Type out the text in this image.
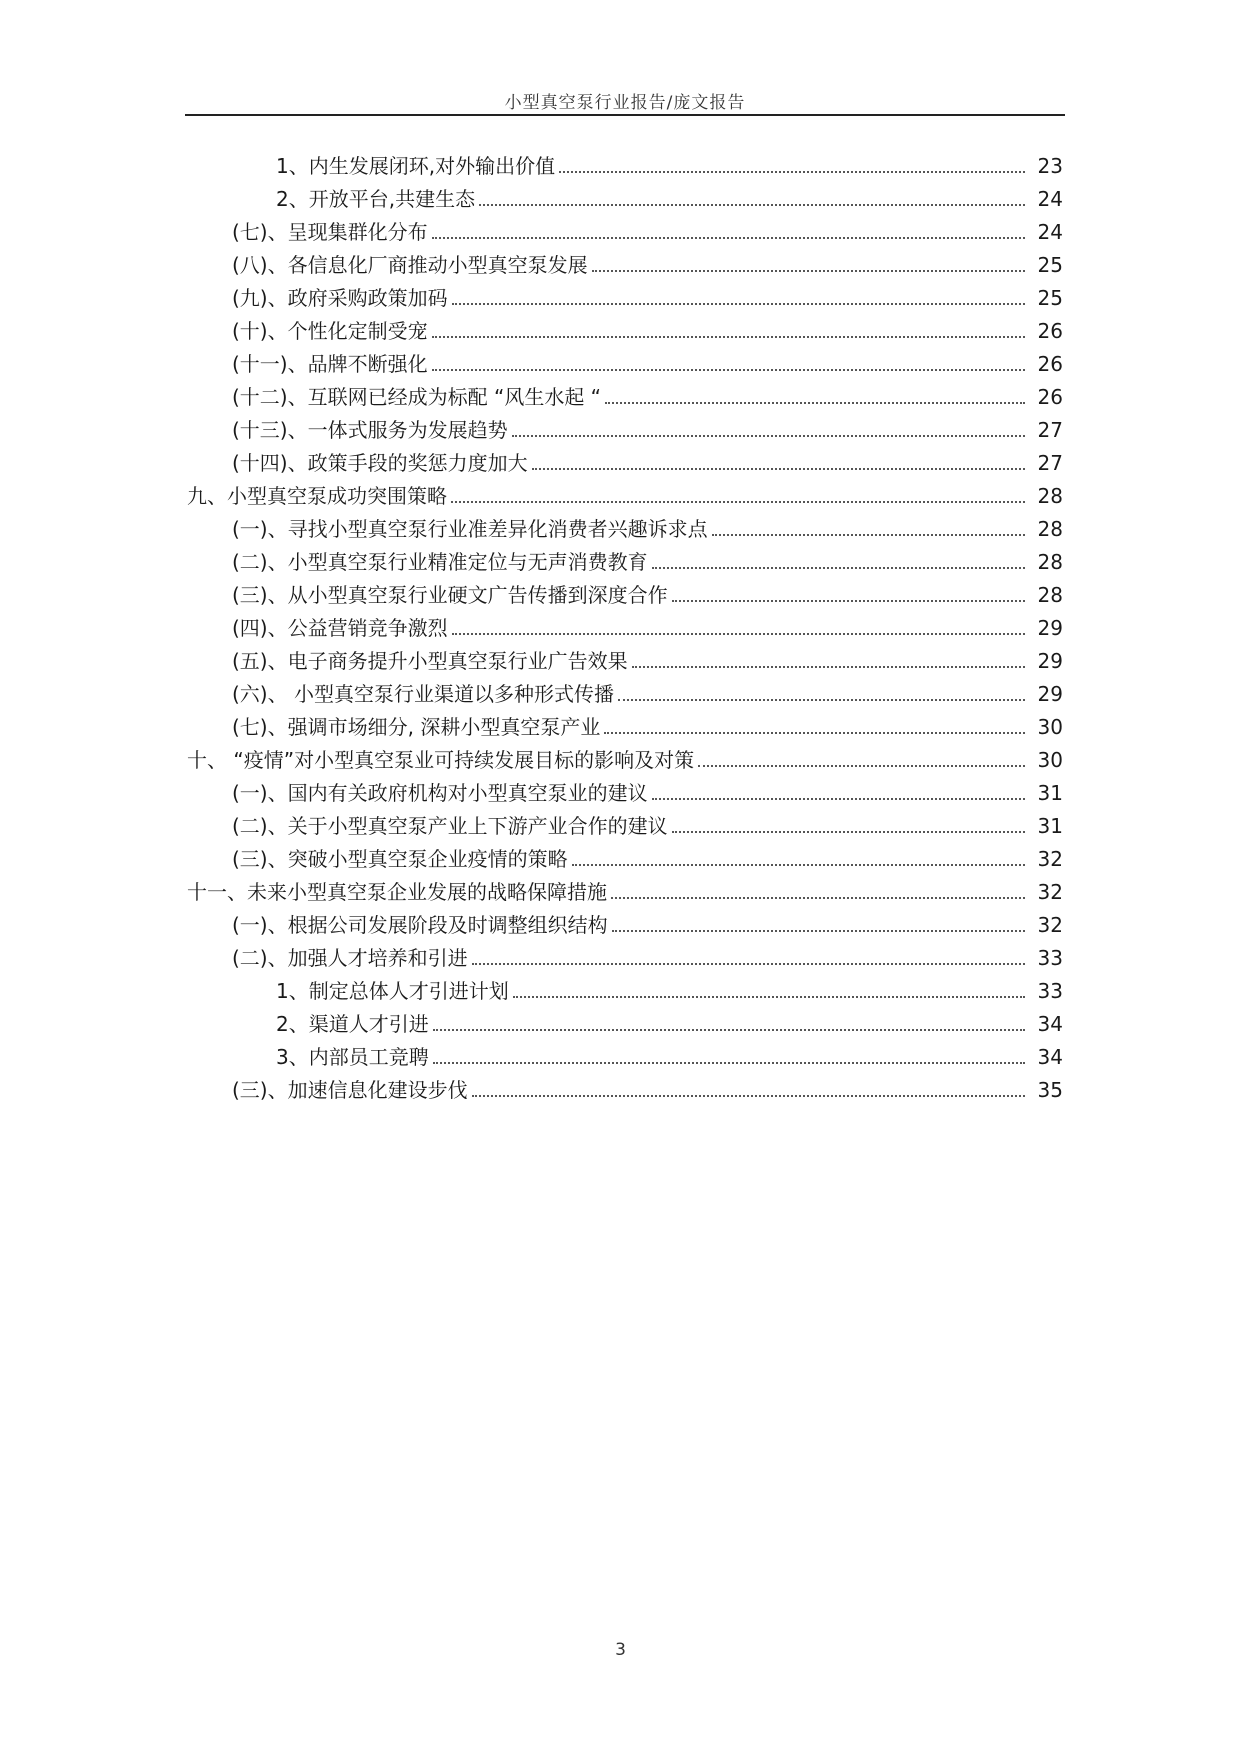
小型真空泵行业报告/庞文报告
1、内生发展闭环,对外输出价值	23
2、开放平台,共建生态	24
(七)、呈现集群化分布	24
(八)、各信息化厂商推动小型真空泵发展	25
(九)、政府采购政策加码	25
(十)、个性化定制受宠	26
(十一)、品牌不断强化	26
(十二)、互联网已经成为标配 “风生水起 “	26
(十三)、一体式服务为发展趋势	27
(十四)、政策手段的奖惩力度加大	27
九、小型真空泵成功突围策略	28
(一)、寻找小型真空泵行业准差异化消费者兴趣诉求点	28
(二)、小型真空泵行业精准定位与无声消费教育	28
(三)、从小型真空泵行业硬文广告传播到深度合作	28
(四)、公益营销竞争激烈	29
(五)、电子商务提升小型真空泵行业广告效果	29
(六)、 小型真空泵行业渠道以多种形式传播	29
(七)、强调市场细分, 深耕小型真空泵产业	30
十、 “疫情”对小型真空泵业可持续发展目标的影响及对策	30
(一)、国内有关政府机构对小型真空泵业的建议	31
(二)、关于小型真空泵产业上下游产业合作的建议	31
(三)、突破小型真空泵企业疫情的策略	32
十一、未来小型真空泵企业发展的战略保障措施	32
(一)、根据公司发展阶段及时调整组织结构	32
(二)、加强人才培养和引进	33
1、制定总体人才引进计划	33
2、渠道人才引进	34
3、内部员工竞聘	34
(三)、加速信息化建设步伐	35
3
